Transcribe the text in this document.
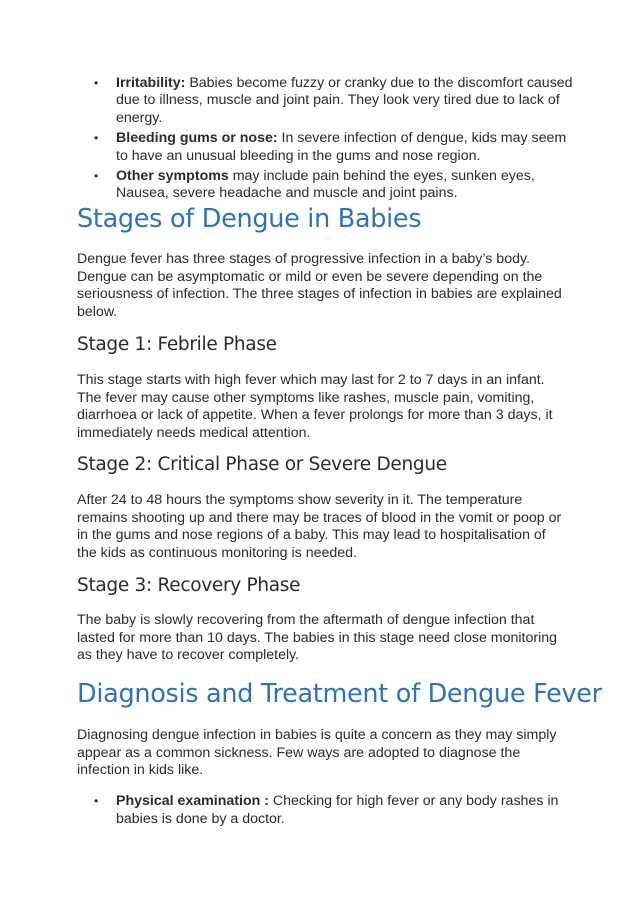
• Irritability: Babies become fuzzy or cranky due to the discomfort caused due to illness, muscle and joint pain. They look very tired due to lack of energy.
• Bleeding gums or nose: In severe infection of dengue, kids may seem to have an unusual bleeding in the gums and nose region.
• Other symptoms may include pain behind the eyes, sunken eyes, Nausea, severe headache and muscle and joint pains.
Stages of Dengue in Babies

Dengue fever has three stages of progressive infection in a baby’s body. Dengue can be asymptomatic or mild or even be severe depending on the seriousness of infection. The three stages of infection in babies are explained below.

Stage 1: Febrile Phase

This stage starts with high fever which may last for 2 to 7 days in an infant. The fever may cause other symptoms like rashes, muscle pain, vomiting, diarrhoea or lack of appetite. When a fever prolongs for more than 3 days, it immediately needs medical attention.

Stage 2: Critical Phase or Severe Dengue

After 24 to 48 hours the symptoms show severity in it. The temperature remains shooting up and there may be traces of blood in the vomit or poop or in the gums and nose regions of a baby. This may lead to hospitalisation of the kids as continuous monitoring is needed.

Stage 3: Recovery Phase

The baby is slowly recovering from the aftermath of dengue infection that lasted for more than 10 days. The babies in this stage need close monitoring as they have to recover completely.

Diagnosis and Treatment of Dengue Fever

Diagnosing dengue infection in babies is quite a concern as they may simply appear as a common sickness. Few ways are adopted to diagnose the infection in kids like.

• Physical examination : Checking for high fever or any body rashes in babies is done by a doctor.
